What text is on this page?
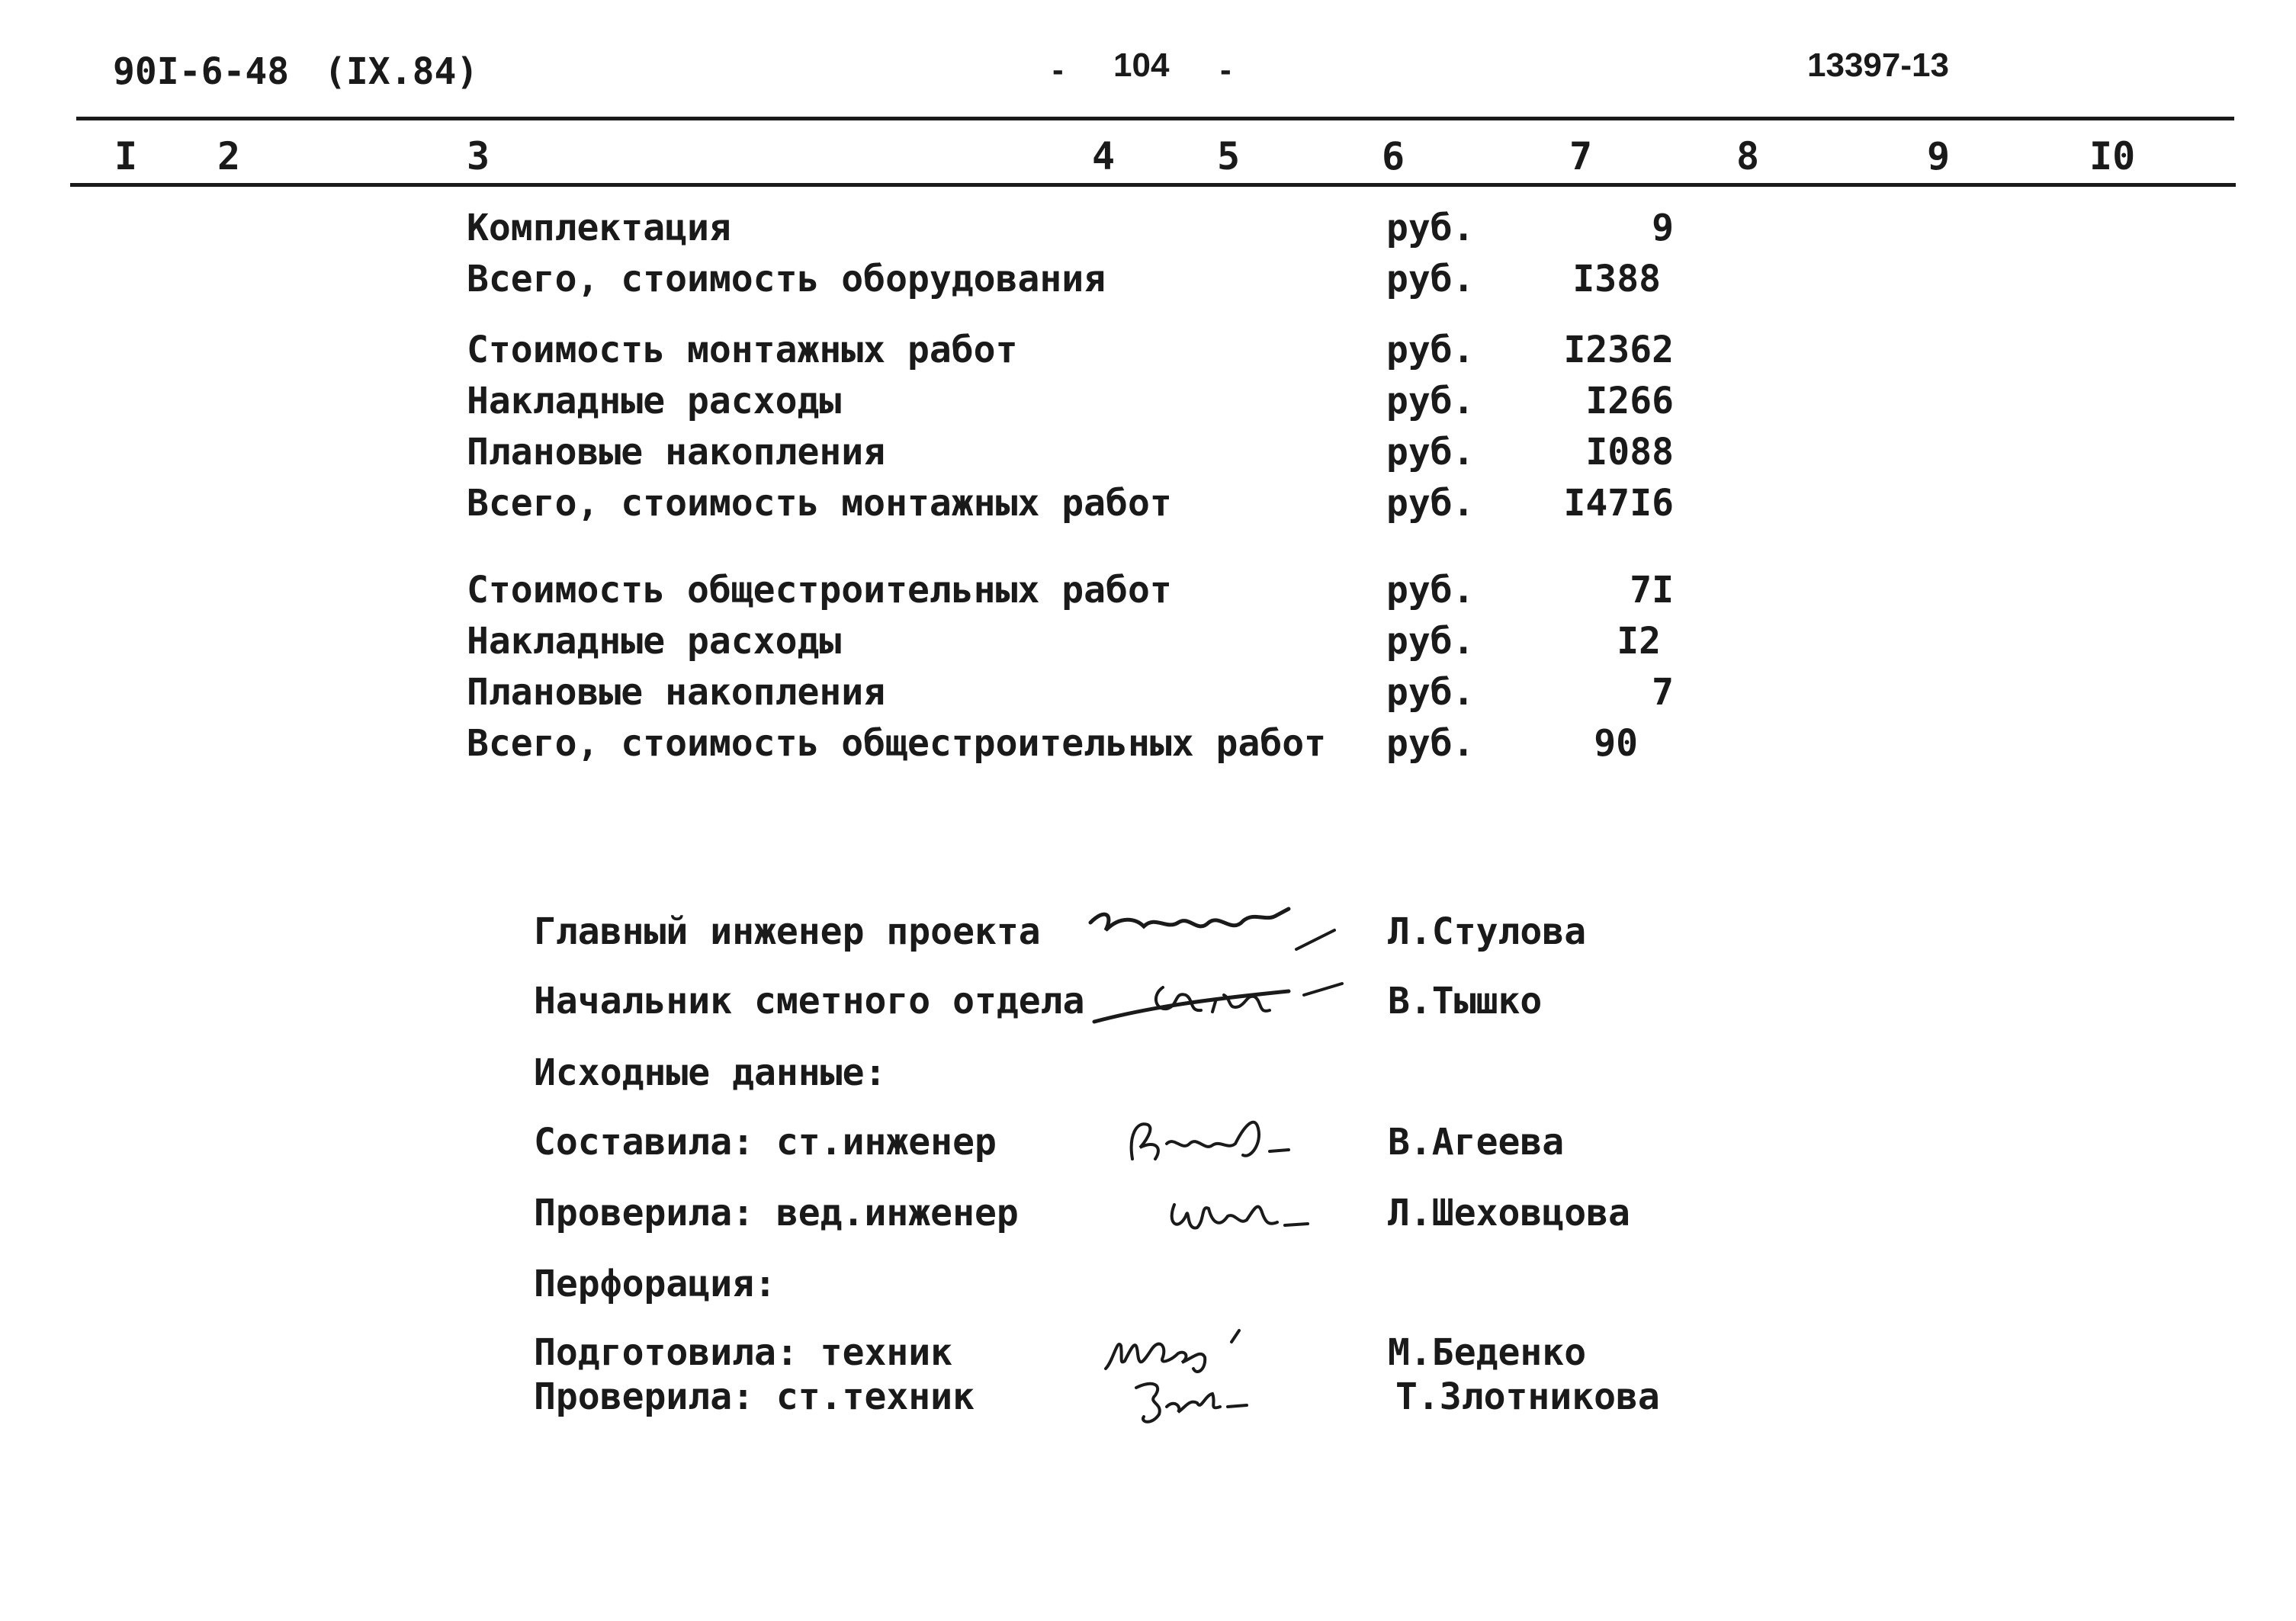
90I-6-48 (IX.84)	- 104 -	13397-13
I 2	3	4	5	6	7	8	9	I0
Комплектация	руб.	9
Всего, стоимость оборудования	руб.	I388
Стоимость монтажных работ	руб.	I2362
Накладные расходы	руб.	I266
Плановые накопления	руб.	I088
Всего, стоимость монтажных работ	руб.	I47I6
Стоимость общестроительных работ	руб.	7I
Накладные расходы	руб.	I2
Плановые накопления	руб.	7
Всего, стоимость общестроительных работ руб.	90
Главный инженер проекта	Л.Стулова
Начальник сметного отдела	В.Тышко
Исходные данные:
Составила: ст.инженер	В.Агеева
Проверила: вед.инженер	Л.Шеховцова
Перфорация:
Подготовила: техник	М.Беденко
Проверила: ст.техник	Т.Злотникова
